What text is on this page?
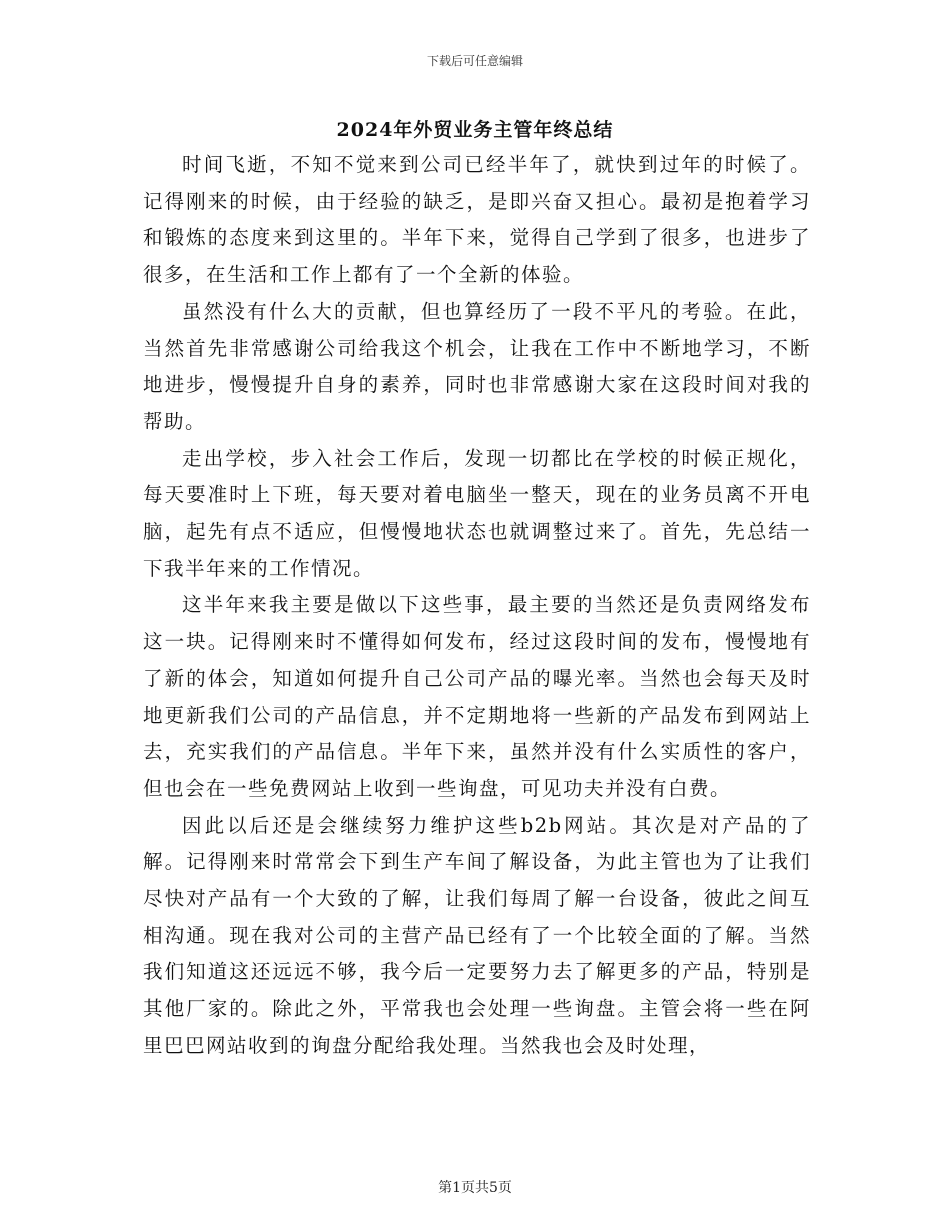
下载后可任意编辑
2024年外贸业务主管年终总结

时间飞逝，不知不觉来到公司已经半年了，就快到过年的时候了。记得刚来的时候，由于经验的缺乏，是即兴奋又担心。最初是抱着学习和锻炼的态度来到这里的。半年下来，觉得自己学到了很多，也进步了很多，在生活和工作上都有了一个全新的体验。

虽然没有什么大的贡献，但也算经历了一段不平凡的考验。在此，当然首先非常感谢公司给我这个机会，让我在工作中不断地学习，不断地进步，慢慢提升自身的素养，同时也非常感谢大家在这段时间对我的帮助。

走出学校，步入社会工作后，发现一切都比在学校的时候正规化，每天要准时上下班，每天要对着电脑坐一整天，现在的业务员离不开电脑，起先有点不适应，但慢慢地状态也就调整过来了。首先，先总结一下我半年来的工作情况。

这半年来我主要是做以下这些事，最主要的当然还是负责网络发布这一块。记得刚来时不懂得如何发布，经过这段时间的发布，慢慢地有了新的体会，知道如何提升自己公司产品的曝光率。当然也会每天及时地更新我们公司的产品信息，并不定期地将一些新的产品发布到网站上去，充实我们的产品信息。半年下来，虽然并没有什么实质性的客户，但也会在一些免费网站上收到一些询盘，可见功夫并没有白费。

因此以后还是会继续努力维护这些b2b网站。其次是对产品的了解。记得刚来时常常会下到生产车间了解设备，为此主管也为了让我们尽快对产品有一个大致的了解，让我们每周了解一台设备，彼此之间互相沟通。现在我对公司的主营产品已经有了一个比较全面的了解。当然我们知道这还远远不够，我今后一定要努力去了解更多的产品，特别是其他厂家的。除此之外，平常我也会处理一些询盘。主管会将一些在阿里巴巴网站收到的询盘分配给我处理。当然我也会及时处理，

第1页共5页
